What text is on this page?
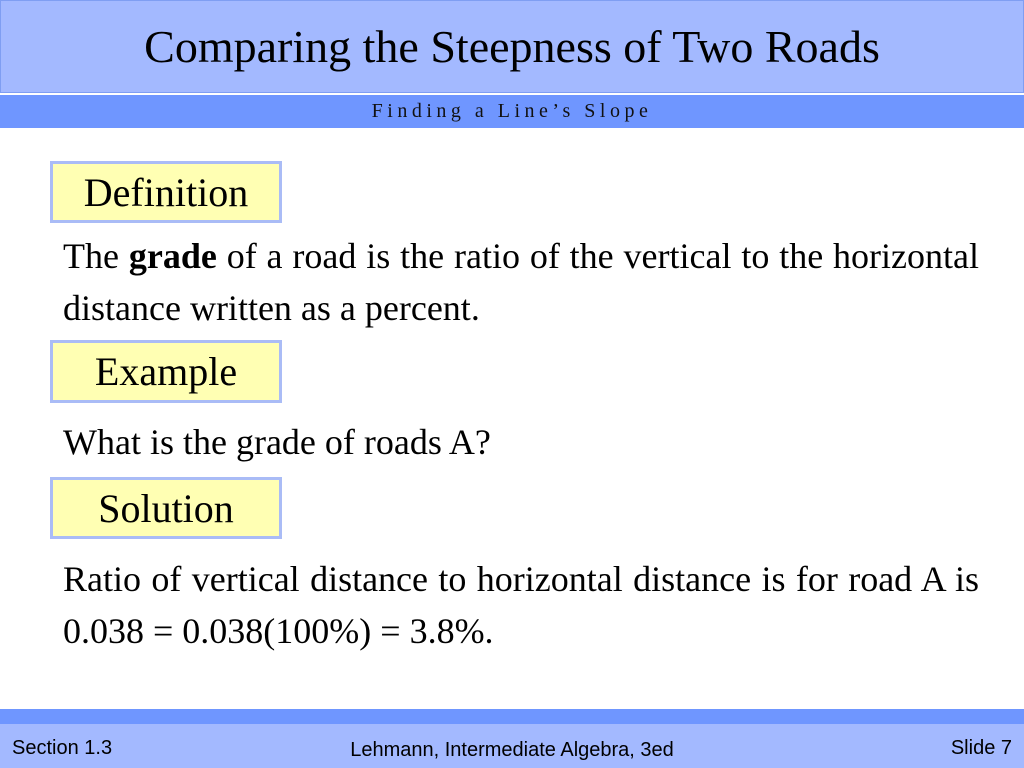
Comparing the Steepness of Two Roads
Finding a Line’s Slope
Definition
The grade of a road is the ratio of the vertical to the horizontal distance written as a percent.
Example
What is the grade of roads A?
Solution
Ratio of vertical distance to horizontal distance is for road A is 0.038 = 0.038(100%) = 3.8%.
Section 1.3	Lehmann, Intermediate Algebra, 3ed	Slide 7
